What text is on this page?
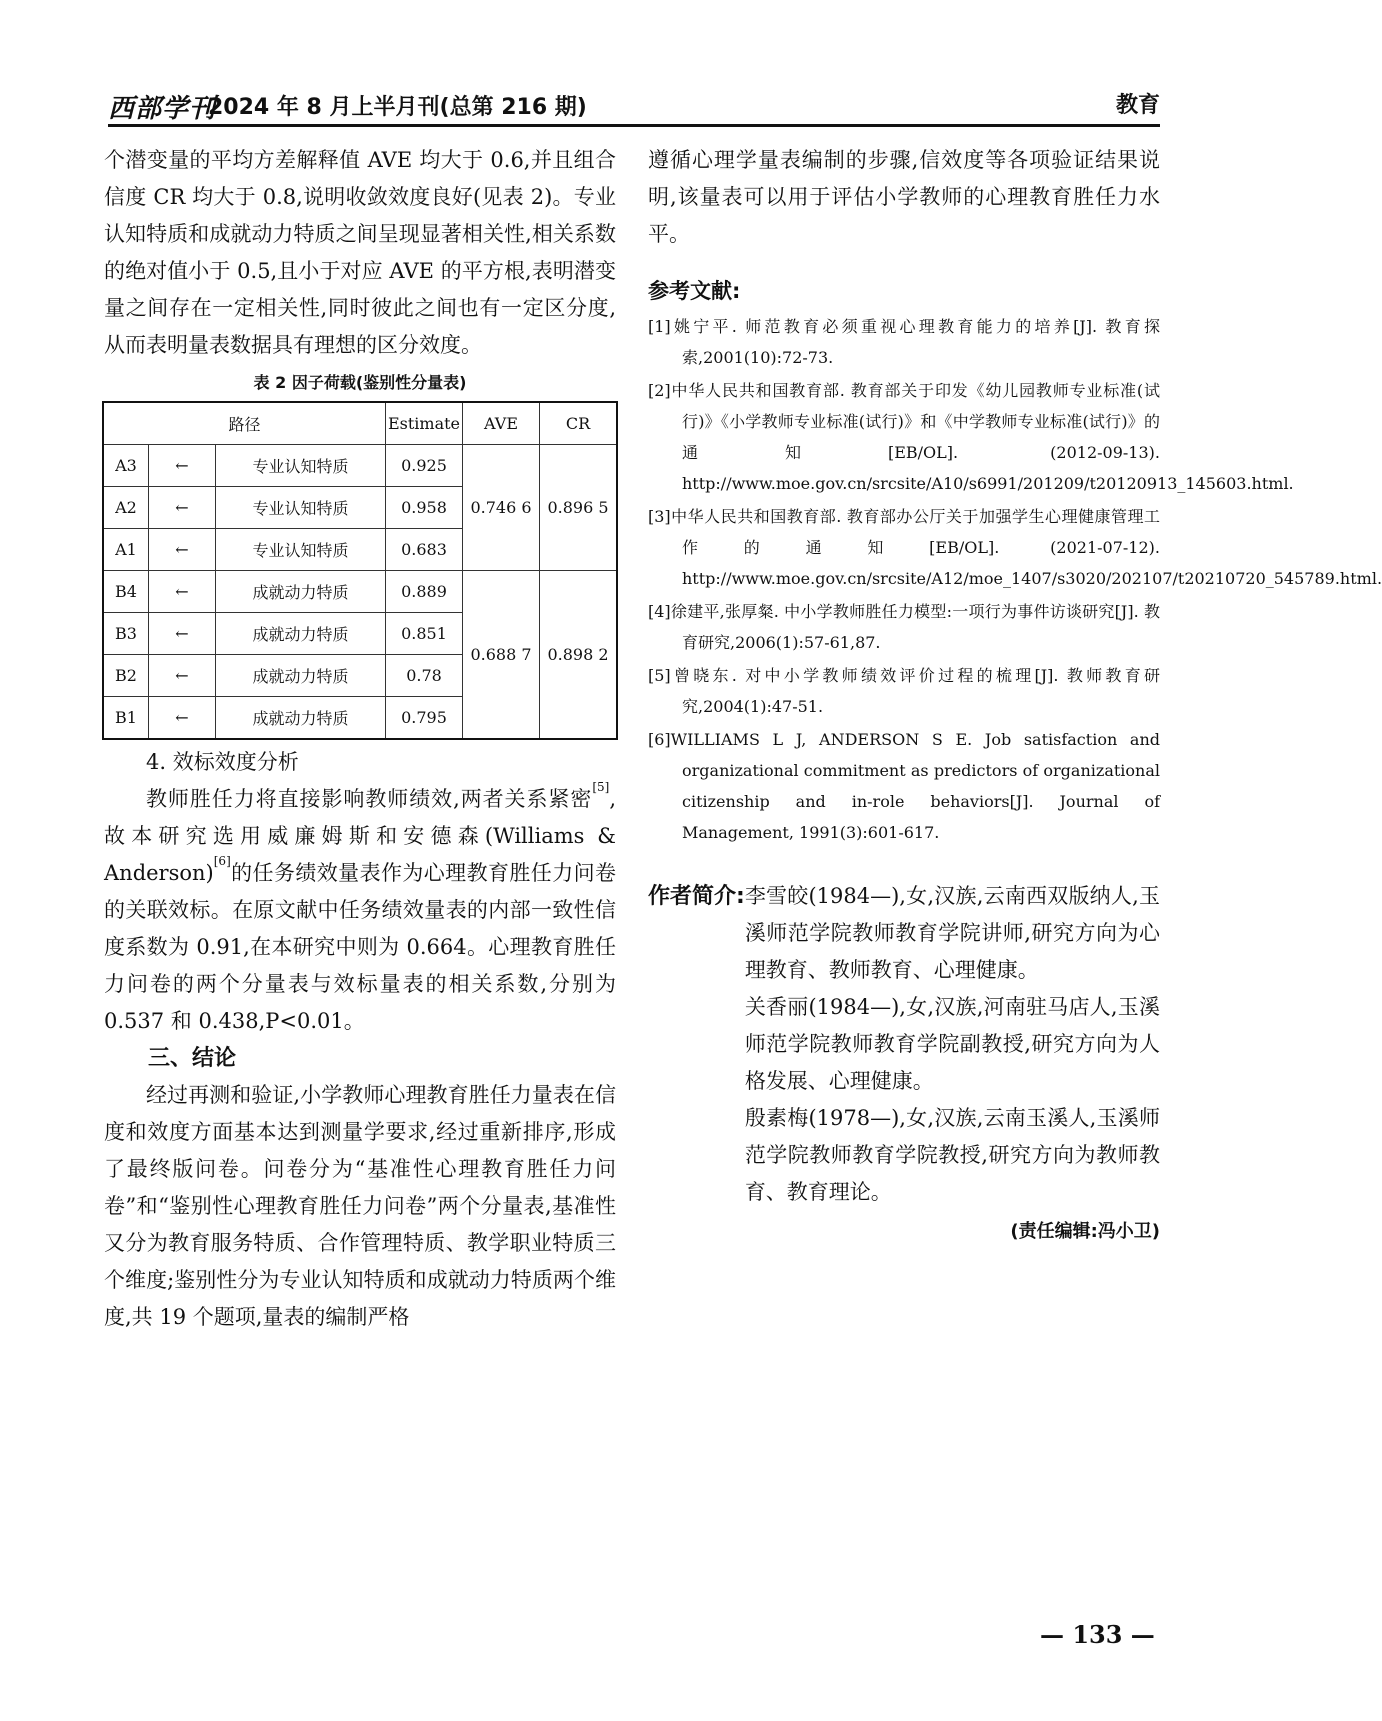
西部学刊
2024 年 8 月上半月刊(总第 216 期)	教育

个潜变量的平均方差解释值 AVE 均大于 0.6,并且组合信度 CR 均大于 0.8,说明收敛效度良好(见表 2)。专业认知特质和成就动力特质之间呈现显著相关性,相关系数的绝对值小于 0.5,且小于对应 AVE 的平方根,表明潜变量之间存在一定相关性,同时彼此之间也有一定区分度,从而表明量表数据具有理想的区分效度。

表 2 因子荷载(鉴别性分量表)
路径			Estimate	AVE	CR
A3	←	专业认知特质	0.925	0.746 6	0.896 5
A2	←	专业认知特质	0.958		
A1	←	专业认知特质	0.683		
B4	←	成就动力特质	0.889	0.688 7	0.898 2
B3	←	成就动力特质	0.851		
B2	←	成就动力特质	0.78		
B1	←	成就动力特质	0.795		

4. 效标效度分析

教师胜任力将直接影响教师绩效,两者关系紧密[5],故本研究选用威廉姆斯和安德森(Williams & Anderson)[6]的任务绩效量表作为心理教育胜任力问卷的关联效标。在原文献中任务绩效量表的内部一致性信度系数为 0.91,在本研究中则为 0.664。心理教育胜任力问卷的两个分量表与效标量表的相关系数,分别为 0.537 和 0.438,P<0.01。

三、结论

经过再测和验证,小学教师心理教育胜任力量表在信度和效度方面基本达到测量学要求,经过重新排序,形成了最终版问卷。问卷分为“基准性心理教育胜任力问卷”和“鉴别性心理教育胜任力问卷”两个分量表,基准性又分为教育服务特质、合作管理特质、教学职业特质三个维度;鉴别性分为专业认知特质和成就动力特质两个维度,共 19 个题项,量表的编制严格

遵循心理学量表编制的步骤,信效度等各项验证结果说明,该量表可以用于评估小学教师的心理教育胜任力水平。

参考文献:

[1]姚宁平. 师范教育必须重视心理教育能力的培养[J]. 教育探索,2001(10):72-73.

[2]中华人民共和国教育部. 教育部关于印发《幼儿园教师专业标准(试行)》《小学教师专业标准(试行)》和《中学教师专业标准(试行)》的通知[EB/OL]. (2012-09-13). http://www.moe.gov.cn/srcsite/A10/s6991/201209/t20120913_145603.html.

[3]中华人民共和国教育部. 教育部办公厅关于加强学生心理健康管理工作的通知[EB/OL]. (2021-07-12). http://www.moe.gov.cn/srcsite/A12/moe_1407/s3020/202107/t20210720_545789.html.

[4]徐建平,张厚粲. 中小学教师胜任力模型:一项行为事件访谈研究[J]. 教育研究,2006(1):57-61,87.

[5]曾晓东. 对中小学教师绩效评价过程的梳理[J]. 教师教育研究,2004(1):47-51.

[6]WILLIAMS L J, ANDERSON S E. Job satisfaction and organizational commitment as predictors of organizational citizenship and in-role behaviors[J]. Journal of Management, 1991(3):601-617.

作者简介: 李雪皎(1984—),女,汉族,云南西双版纳人,玉溪师范学院教师教育学院讲师,研究方向为心理教育、教师教育、心理健康。

关香丽(1984—),女,汉族,河南驻马店人,玉溪师范学院教师教育学院副教授,研究方向为人格发展、心理健康。

殷素梅(1978—),女,汉族,云南玉溪人,玉溪师范学院教师教育学院教授,研究方向为教师教育、教育理论。

(责任编辑:冯小卫)
— 133 —
